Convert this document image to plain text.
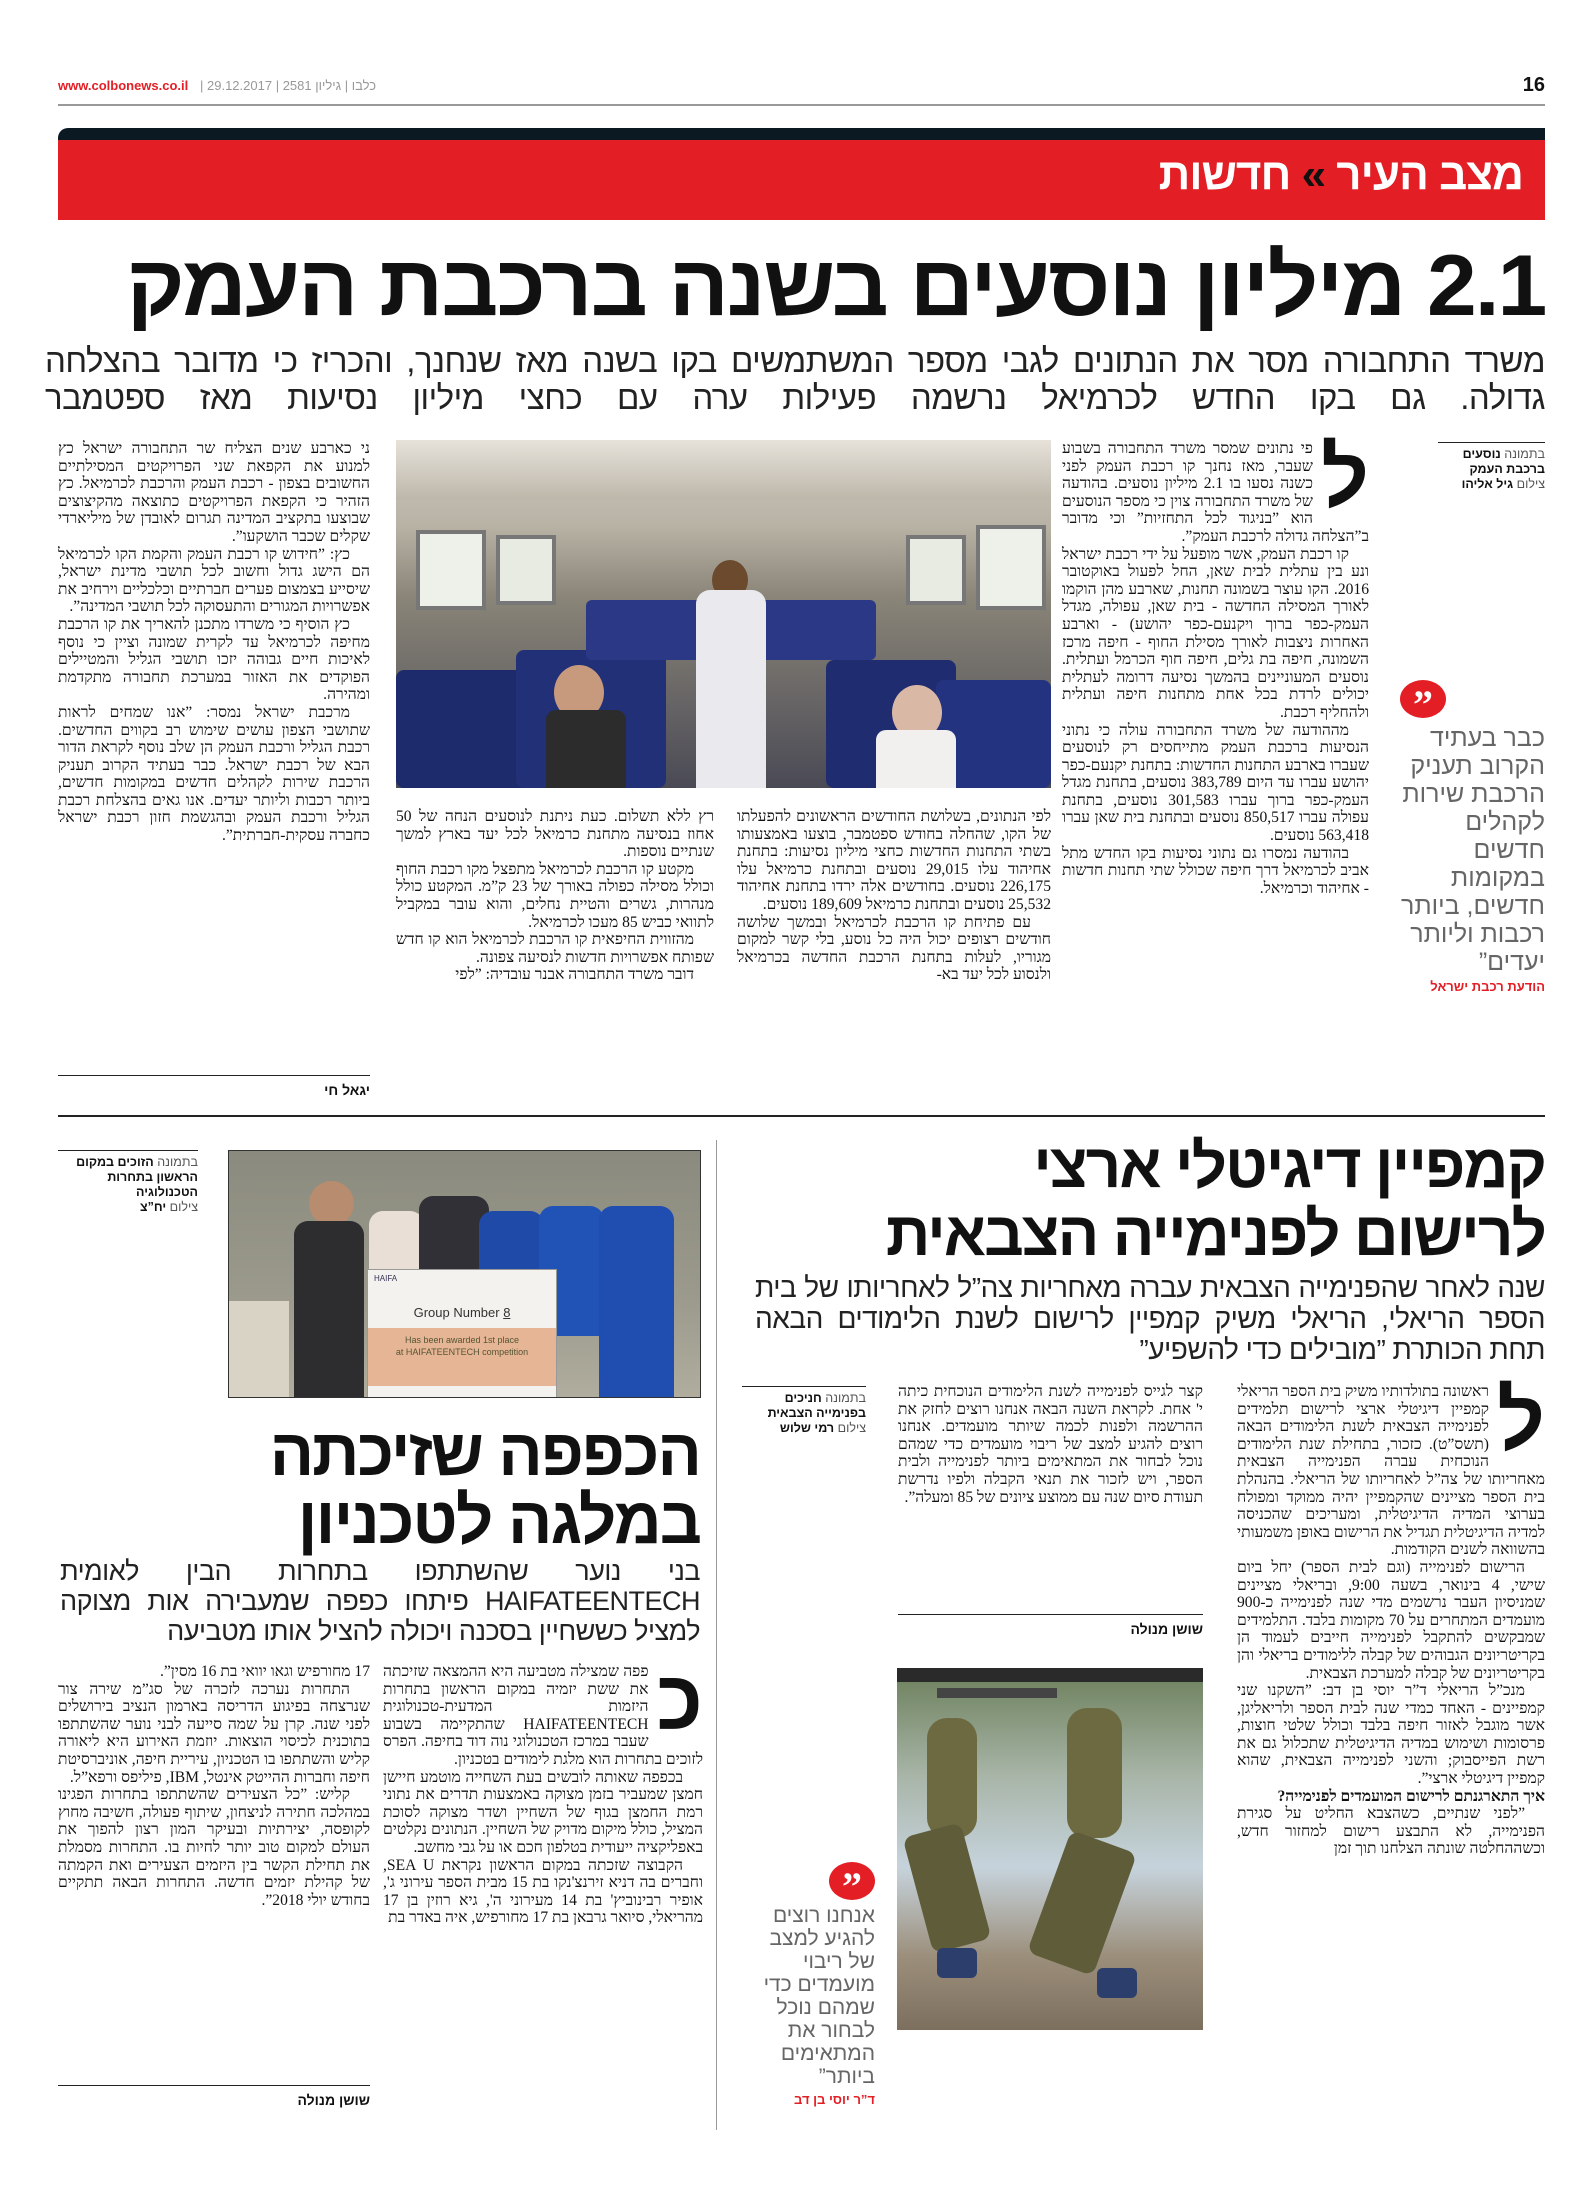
www.colbonews.co.il | כלבו | גיליון 2581 | 29.12.2017	16
מצב העיר » חדשות
2.1 מיליון נוסעים בשנה ברכבת העמק
משרד התחבורה מסר את הנתונים לגבי מספר המשתמשים בקו בשנה מאז שנחנך, והכריז כי מדובר בהצלחה גדולה. גם בקו החדש לכרמיאל נרשמה פעילות ערה עם כחצי מיליון נסיעות מאז ספטמבר
בתמונה נוסעים ברכבת העמק
צילום גיל אליהו
”
כבר בעתיד הקרוב תעניק הרכבת שירות לקהלים חדשים במקומות חדשים, ביותר רכבות וליותר יעדים”
הודעת רכבת ישראל
ל

פי נתונים שמסר משרד התחבורה בשבוע שעבר, מאז נחנך קו רכבת העמק לפני כשנה נסעו בו 2.1 מיליון נוסעים. בהודעה של משרד התחבורה צוין כי מספר הנוסעים הוא ”בניגוד לכל התחזיות” וכי מדובר ב”הצלחה גדולה לרכבת העמק”.

קו רכבת העמק, אשר מופעל על ידי רכבת ישראל ונע בין עתלית לבית שאן, החל לפעול באוקטובר 2016. הקו עוצר בשמונה תחנות, שארבע מהן הוקמו לאורך המסילה החדשה - בית שאן, עפולה, מגדל העמק-כפר ברוך ויקנעם-כפר יהושע) - וארבע האחרות ניצבות לאורך מסילת החוף - חיפה מרכז השמונה, חיפה בת גלים, חיפה חוף הכרמל ועתלית. נוסעים המעוניינים בהמשך נסיעה דרומה לעתלית יכולים לרדת בכל אחת מתחנות חיפה ועתלית ולהחליף רכבת.

מההודעה של משרד התחבורה עולה כי נתוני הנסיעות ברכבת העמק מתייחסים רק לנוסעים שעברו בארבע התחנות החדשות: בתחנת יקנעם-כפר יהושע עברו עד היום 383,789 נוסעים, בתחנת מגדל העמק-כפר ברוך עברו 301,583 נוסעים, בתחנת עפולה עברו 850,517 נוסעים ובתחנת בית שאן עברו 563,418 נוסעים.

בהודעה נמסרו גם נתוני נסיעות בקו החדש מתל אביב לכרמיאל דרך חיפה שכולל שתי תחנות חדשות - אחיהוד וכרמיאל.

לפי הנתונים, בשלושת החודשים הראשונים להפעלתו של הקו, שהחלה בחודש ספטמבר, בוצעו באמצעותו בשתי התחנות החדשות כחצי מיליון נסיעות: בתחנת אחיהוד עלו 29,015 נוסעים ובתחנת כרמיאל עלו 226,175 נוסעים. בחודשים אלה ירדו בתחנת אחיהוד 25,532 נוסעים ובתחנת כרמיאל 189,609 נוסעים.

עם פתיחת קו הרכבת לכרמיאל ובמשך שלושה חודשים רצופים יכול היה כל נוסע, בלי קשר למקום מגוריו, לעלות בתחנת הרכבת החדשה בכרמיאל ולנסוע לכל יעד בא-

רץ ללא תשלום. כעת ניתנת לנוסעים הנחה של 50 אחוז בנסיעה מתחנת כרמיאל לכל יעד בארץ למשך שנתיים נוספות.

מקטע קו הרכבת לכרמיאל מתפצל מקו רכבת החוף וכולל מסילה כפולה באורך של 23 ק”מ. המקטע כולל מנהרות, גשרים והטיית נחלים, והוא עובר במקביל לתוואי כביש 85 מעכו לכרמיאל.

מהזווית החיפאית קו הרכבת לכרמיאל הוא קו חדש שפותח אפשרויות חדשות לנסיעה צפונה.

דובר משרד התחבורה אבנר עובדיה: ”לפי

ני כארבע שנים הצליח שר התחבורה ישראל כץ למנוע את הקפאת שני הפרויקטים המסילתיים החשובים בצפון - רכבת העמק והרכבת לכרמיאל. כץ הזהיר כי הקפאת הפרויקטים כתוצאה מהקיצוצים שבוצעו בתקציב המדינה תגרום לאובדן של מיליארדי שקלים שכבר הושקעו”.

כץ: ”חידוש קו רכבת העמק והקמת הקו לכרמיאל הם הישג גדול וחשוב לכל תושבי מדינת ישראל, שיסייע בצמצום פערים חברתיים וכלכליים וירחיב את אפשרויות המגורים והתעסוקה לכל תושבי המדינה”.

כץ הוסיף כי משרדו מתכנן להאריך את קו הרכבת מחיפה לכרמיאל עד לקרית שמונה וציין כי נוסף לאיכות חיים גבוהה יזכו תושבי הגליל והמטיילים הפוקדים את האזור במערכת תחבורה מתקדמת ומהירה.

מרכבת ישראל נמסר: ”אנו שמחים לראות שתושבי הצפון עושים שימוש רב בקווים החדשים. רכבת הגליל ורכבת העמק הן שלב נוסף לקראת הדור הבא של רכבת ישראל. כבר בעתיד הקרוב תעניק הרכבת שירות לקהלים חדשים במקומות חדשים, ביותר רכבות וליותר יעדים. אנו גאים בהצלחת רכבת הגליל ורכבת העמק ובהגשמת חזון רכבת ישראל כחברה עסקית-חברתית”.

יגאל חי
קמפיין דיגיטלי ארצי
לרישום לפנימייה הצבאית
שנה לאחר שהפנימייה הצבאית עברה מאחריות צה”ל לאחריותו של בית הספר הריאלי, הריאלי משיק קמפיין לרישום לשנת הלימודים הבאה תחת הכותרת ”מובילים כדי להשפיע”
ל

ראשונה בתולדותיו משיק בית הספר הריאלי קמפיין דיגיטלי ארצי לרישום תלמידים לפנימייה הצבאית לשנת הלימודים הבאה (תשס”ט). כזכור, בתחילת שנת הלימודים הנוכחית עברה הפנימייה הצבאית מאחריותו של צה”ל לאחריותו של הריאלי. בהנהלת בית הספר מציינים שהקמפיין יהיה ממוקד ומפולח בערוצי המדיה הדיגיטלית, ומעריכים שהכניסה למדיה הדיגיטלית תגדיל את הרישום באופן משמעותי בהשוואה לשנים הקודמות.

הרישום לפנימייה (וגם לבית הספר) יחל ביום שישי, 4 בינואר, בשעה 9:00, ובריאלי מציינים שמניסיון העבר נרשמים מדי שנה לפנימייה כ-900 מועמדים המתחרים על 70 מקומות בלבד. התלמידים שמבקשים להתקבל לפנימייה חייבים לעמוד הן בקריטריונים הגבוהים של קבלה ללימודים בריאלי והן בקריטריונים של קבלה למערכת הצבאית.

מנכ”ל הריאלי ד”ר יוסי בן דב: ”השקנו שני קמפיינים - האחד כמדי שנה לבית הספר ולריאליגן, אשר מוגבל לאזור חיפה בלבד וכולל שלטי חוצות, פרסומות ושימוש במדיה הדיגיטלית שתכלול גם את רשת הפייסבוק; והשני לפנימייה הצבאית, שהוא קמפיין דיגיטלי ארצי”.

איך התארגנתם לרישום המועמדים לפנימייה?

”לפני שנתיים, כשהצבא החליט על סגירת הפנימייה, לא התבצע רישום למחזור חדש, וכשההחלטה שונתה הצלחנו תוך זמן

קצר לגייס לפנימייה לשנת הלימודים הנוכחית כיתה י' אחת. לקראת השנה הבאה אנחנו רוצים לחזק את ההרשמה ולפנות לכמה שיותר מועמדים. אנחנו רוצים להגיע למצב של ריבוי מועמדים כדי שמהם נוכל לבחור את המתאימים ביותר לפנימייה ולבית הספר, ויש לזכור את תנאי הקבלה ולפיו נדרשת תעודת סיום שנה עם ממוצע ציונים של 85 ומעלה”.

שושן מנולה
בתמונה חניכים בפנימייה הצבאית
צילום רמי שלוש
”
אנחנו רוצים להגיע למצב של ריבוי מועמדים כדי שמהם נוכל לבחור את המתאימים ביותר”
ד”ר יוסי בן דב
בתמונה הזוכים במקום הראשון בתחרות הטכנולוגיה
צילום יח”צ
HAIFA
Group Number 8
Has been awarded 1st place
at HAIFATEENTECH competition
הכפפה שזיכתה
במלגה לטכניון
בני נוער שהשתתפו בתחרות הבין לאומית HAIFATEENTECH פיתחו כפפה שמעבירה אות מצוקה למציל כששחיין בסכנה ויכולה להציל אותו מטביעה
כ

פפה שמצילה מטביעה היא ההמצאה שזיכתה את ששת יזמיה במקום הראשון בתחרות היזמות המדעית-טכנולוגית HAIFATEENTECH שהתקיימה בשבוע שעבר במרכז הטכנולוגי נוה דוד בחיפה. הפרס לזוכים בתחרות הוא מלגת לימודים בטכניון.

בכפפה שאותה לובשים בעת השחייה מוטמע חיישן חמצן שמעביר בזמן מצוקה באמצעות תדרים את נתוני רמת החמצן בגוף של השחיין ושדר מצוקה לסוכת המציל, כולל מיקום מדויק של השחיין. הנתונים נקלטים באפליקציה ייעודית בטלפון חכם או על גבי מחשב.

הקבוצה שזכתה במקום הראשון נקראת SEA U, וחברים בה דניא זירנצ'נקו בת 15 מבית הספר עירוני ג', אופיר רבינוביץ' בת 14 מעירוני ה', גיא רוזין בן 17 מהריאלי, סיואר גרבאן בת 17 מחורפיש, איה באדר בת

17 מחורפיש וגאו יוואי בת 16 מסין”.

התחרות נערכה לזכרה של סג”מ שירה צור שנרצחה בפיגוע הדריסה בארמון הנציב בירושלים לפני שנה. קרן על שמה סייעה לבני נוער שהשתתפו בתוכנית לכיסוי הוצאות. יוזמת האירוע היא ליאורה קליש והשתתפו בו הטכניון, עיריית חיפה, אוניברסיטת חיפה וחברות ההייטק אינטל, IBM, פיליפס ורפא”ל.

קליש: ”כל הצעירים שהשתתפו בתחרות הפגינו במהלכה חתירה לניצחון, שיתוף פעולה, חשיבה מחוץ לקופסה, יצירתיות ובעיקר המון רצון להפוך את העולם למקום טוב יותר לחיות בו. התחרות מסמלת את תחילת הקשר בין היזמים הצעירים ואת הקמתה של קהילת יזמים חדשה. התחרות הבאה תתקיים בחודש יולי 2018”.

שושן מנולה
